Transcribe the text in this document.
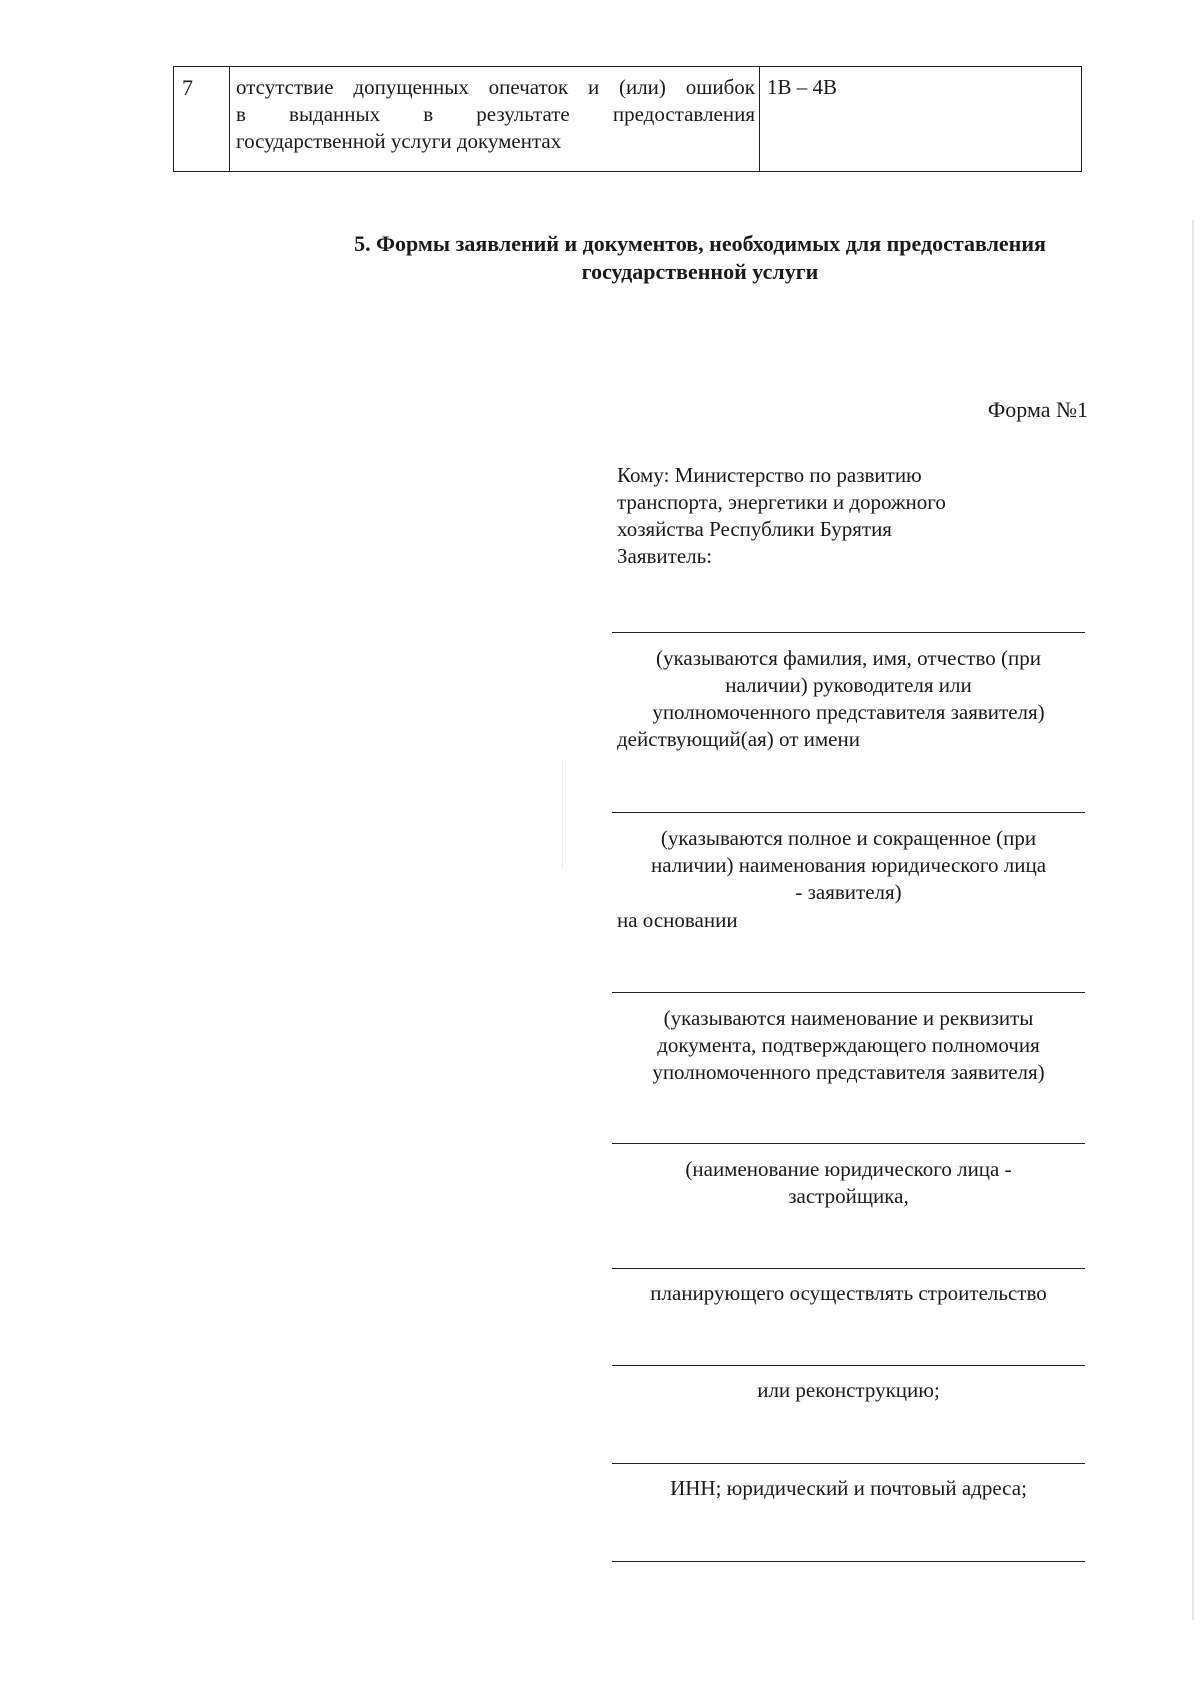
7	отсутствие допущенных опечаток и (или) ошибок
в выданных в результате предоставления
государственной услуги документах
1В – 4В
5. Формы заявлений и документов, необходимых для предоставления
государственной услуги
Форма №1
Кому: Министерство по развитию
транспорта, энергетики и дорожного
хозяйства Республики Бурятия
Заявитель:
(указываются фамилия, имя, отчество (при
наличии) руководителя или
уполномоченного представителя заявителя)
действующий(ая) от имени
(указываются полное и сокращенное (при
наличии) наименования юридического лица
- заявителя)
на основании
(указываются наименование и реквизиты
документа, подтверждающего полномочия
уполномоченного представителя заявителя)
(наименование юридического лица -
застройщика,
планирующего осуществлять строительство
или реконструкцию;
ИНН; юридический и почтовый адреса;
